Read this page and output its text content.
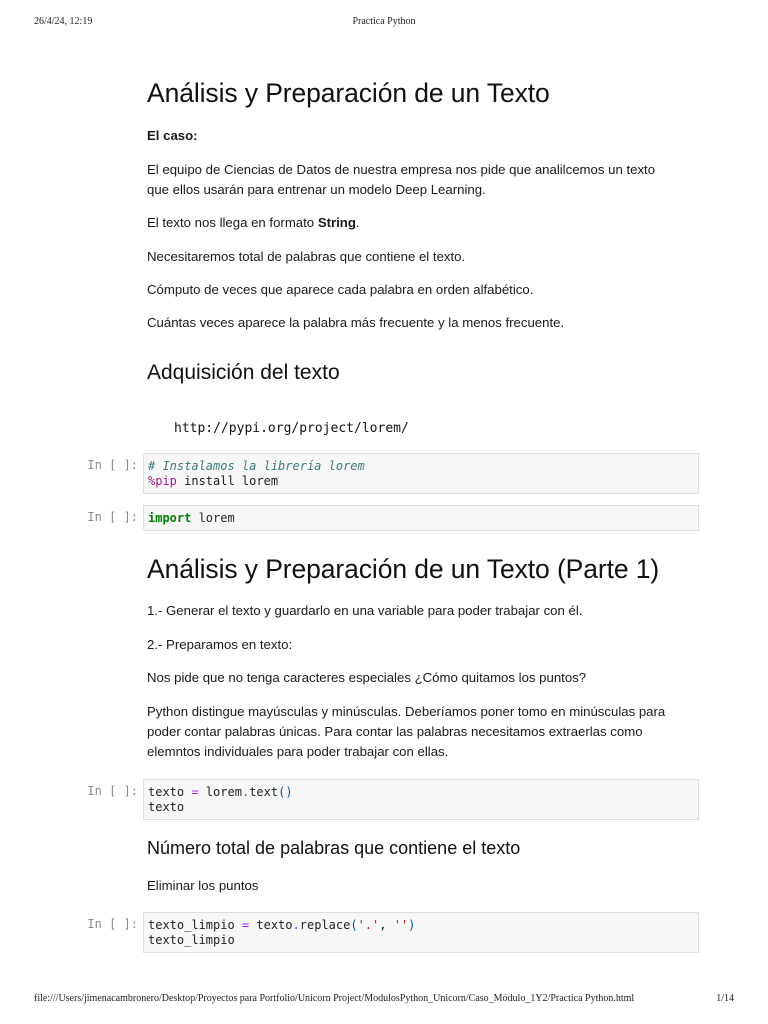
26/4/24, 12:19	Practica Python
Análisis y Preparación de un Texto

El caso:

El equipo de Ciencias de Datos de nuestra empresa nos pide que analilcemos un texto que ellos usarán para entrenar un modelo Deep Learning.

El texto nos llega en formato String.

Necesitaremos total de palabras que contiene el texto.

Cómputo de veces que aparece cada palabra en orden alfabético.

Cuántas veces aparece la palabra más frecuente y la menos frecuente.

Adquisición del texto
http://pypi.org/project/lorem/
In [ ]: # Instalamos la librería lorem
%pip install lorem
In [ ]: import lorem
Análisis y Preparación de un Texto (Parte 1)

1.- Generar el texto y guardarlo en una variable para poder trabajar con él.

2.- Preparamos en texto:

Nos pide que no tenga caracteres especiales ¿Cómo quitamos los puntos?

Python distingue mayúsculas y minúsculas. Deberíamos poner tomo en minúsculas para poder contar palabras únicas. Para contar las palabras necesitamos extraerlas como elemntos individuales para poder trabajar con ellas.

In [ ]: texto = lorem.text()
texto
Número total de palabras que contiene el texto

Eliminar los puntos

In [ ]: texto_limpio = texto.replace('.', '')
texto_limpio
file:///Users/jimenacambronero/Desktop/Proyectos para Portfolio/Unicorn Project/ModulosPython_Unicorn/Caso_Módulo_1Y2/Practica Python.html	1/14
